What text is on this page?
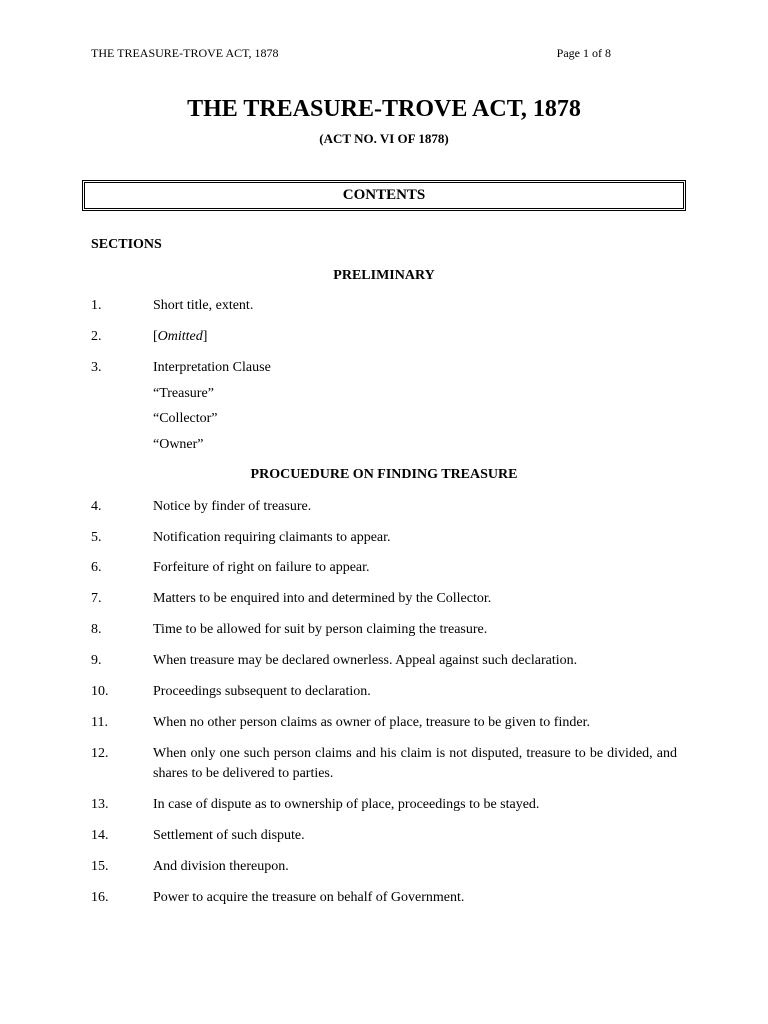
THE TREASURE-TROVE ACT, 1878	Page 1 of 8
THE TREASURE-TROVE ACT, 1878
(ACT NO. VI OF 1878)
CONTENTS
SECTIONS
PRELIMINARY
1.	Short title, extent.
2.	[Omitted]
3.	Interpretation Clause
“Treasure”
“Collector”
“Owner”
PROCUEDURE ON FINDING TREASURE
4.	Notice by finder of treasure.
5.	Notification requiring claimants to appear.
6.	Forfeiture of right on failure to appear.
7.	Matters to be enquired into and determined by the Collector.
8.	Time to be allowed for suit by person claiming the treasure.
9.	When treasure may be declared ownerless. Appeal against such declaration.
10.	Proceedings subsequent to declaration.
11.	When no other person claims as owner of place, treasure to be given to finder.
12.	When only one such person claims and his claim is not disputed, treasure to be divided, and shares to be delivered to parties.
13.	In case of dispute as to ownership of place, proceedings to be stayed.
14.	Settlement of such dispute.
15.	And division thereupon.
16.	Power to acquire the treasure on behalf of Government.
